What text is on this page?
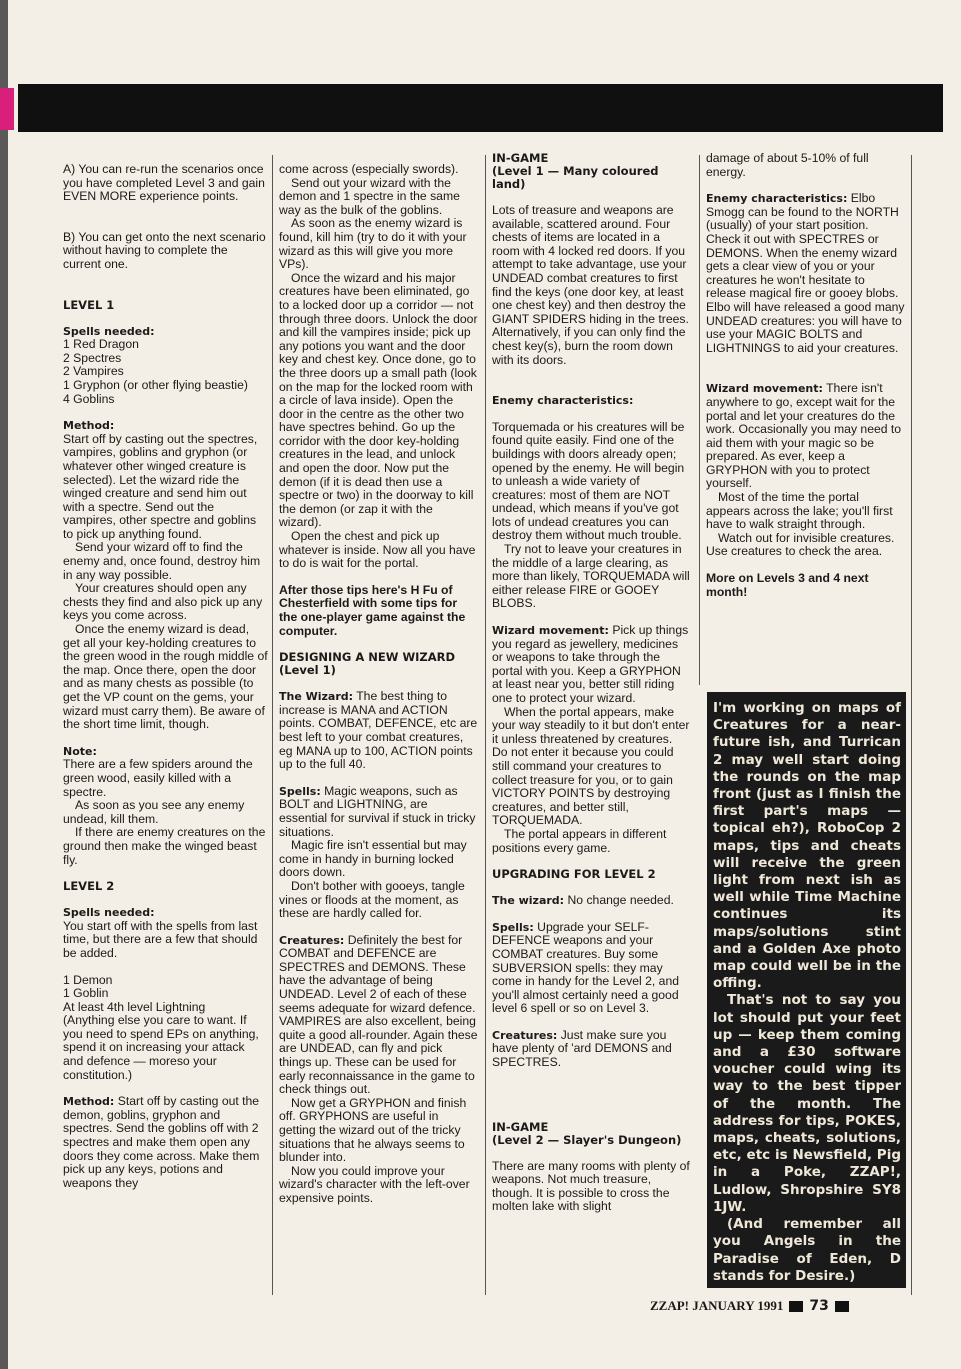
A) You can re-run the scenarios once you have completed Level 3 and gain EVEN MORE experience points.

B) You can get onto the next scenario without having to complete the current one.

LEVEL 1
Spells needed:
1 Red Dragon
2 Spectres
2 Vampires
1 Gryphon (or other flying beastie)
4 Goblins
Method:
Start off by casting out the spectres, vampires, goblins and gryphon (or whatever other winged creature is selected). Let the wizard ride the winged creature and send him out with a spectre. Send out the vampires, other spectre and goblins to pick up anything found.

Send your wizard off to find the enemy and, once found, destroy him in any way possible.

Your creatures should open any chests they find and also pick up any keys you come across.

Once the enemy wizard is dead, get all your key-holding creatures to the green wood in the rough middle of the map. Once there, open the door and as many chests as possible (to get the VP count on the gems, your wizard must carry them). Be aware of the short time limit, though.

Note:
There are a few spiders around the green wood, easily killed with a spectre.

As soon as you see any enemy undead, kill them.

If there are enemy creatures on the ground then make the winged beast fly.

LEVEL 2
Spells needed:
You start off with the spells from last time, but there are a few that should be added.
1 Demon
1 Goblin
At least 4th level Lightning
(Anything else you care to want. If you need to spend EPs on anything, spend it on increasing your attack and defence — moreso your constitution.)
Method: Start off by casting out the demon, goblins, gryphon and spectres. Send the goblins off with 2 spectres and make them open any doors they come across. Make them pick up any keys, potions and weapons they
come across (especially swords).

Send out your wizard with the demon and 1 spectre in the same way as the bulk of the goblins.

As soon as the enemy wizard is found, kill him (try to do it with your wizard as this will give you more VPs).

Once the wizard and his major creatures have been eliminated, go to a locked door up a corridor — not through three doors. Unlock the door and kill the vampires inside; pick up any potions you want and the door key and chest key. Once done, go to the three doors up a small path (look on the map for the locked room with a circle of lava inside). Open the door in the centre as the other two have spectres behind. Go up the corridor with the door key-holding creatures in the lead, and unlock and open the door. Now put the demon (if it is dead then use a spectre or two) in the doorway to kill the demon (or zap it with the wizard).

Open the chest and pick up whatever is inside. Now all you have to do is wait for the portal.

After those tips here's H Fu of Chesterfield with some tips for the one-player game against the computer.

DESIGNING A NEW WIZARD
(Level 1)

The Wizard: The best thing to increase is MANA and ACTION points. COMBAT, DEFENCE, etc are best left to your combat creatures, eg MANA up to 100, ACTION points up to the full 40.

Spells: Magic weapons, such as BOLT and LIGHTNING, are essential for survival if stuck in tricky situations.

Magic fire isn't essential but may come in handy in burning locked doors down.

Don't bother with gooeys, tangle vines or floods at the moment, as these are hardly called for.

Creatures: Definitely the best for COMBAT and DEFENCE are SPECTRES and DEMONS. These have the advantage of being UNDEAD. Level 2 of each of these seems adequate for wizard defence. VAMPIRES are also excellent, being quite a good all-rounder. Again these are UNDEAD, can fly and pick things up. These can be used for early reconnaissance in the game to check things out.

Now get a GRYPHON and finish off. GRYPHONS are useful in getting the wizard out of the tricky situations that he always seems to blunder into.

Now you could improve your wizard's character with the left-over expensive points.

IN-GAME
(Level 1 — Many coloured land)

Lots of treasure and weapons are available, scattered around. Four chests of items are located in a room with 4 locked red doors. If you attempt to take advantage, use your UNDEAD combat creatures to first find the keys (one door key, at least one chest key) and then destroy the GIANT SPIDERS hiding in the trees. Alternatively, if you can only find the chest key(s), burn the room down with its doors.

Enemy characteristics:
Torquemada or his creatures will be found quite easily. Find one of the buildings with doors already open; opened by the enemy. He will begin to unleash a wide variety of creatures: most of them are NOT undead, which means if you've got lots of undead creatures you can destroy them without much trouble.

Try not to leave your creatures in the middle of a large clearing, as more than likely, TORQUEMADA will either release FIRE or GOOEY BLOBS.

Wizard movement: Pick up things you regard as jewellery, medicines or weapons to take through the portal with you. Keep a GRYPHON at least near you, better still riding one to protect your wizard.

When the portal appears, make your way steadily to it but don't enter it unless threatened by creatures. Do not enter it because you could still command your creatures to collect treasure for you, or to gain VICTORY POINTS by destroying creatures, and better still, TORQUEMADA.

The portal appears in different positions every game.

UPGRADING FOR LEVEL 2

The wizard: No change needed.

Spells: Upgrade your SELF-DEFENCE weapons and your COMBAT creatures. Buy some SUBVERSION spells: they may come in handy for the Level 2, and you'll almost certainly need a good level 6 spell or so on Level 3.

Creatures: Just make sure you have plenty of 'ard DEMONS and SPECTRES.

IN-GAME
(Level 2 — Slayer's Dungeon)
There are many rooms with plenty of weapons. Not much treasure, though. It is possible to cross the molten lake with slight

damage of about 5-10% of full energy.

Enemy characteristics: Elbo Smogg can be found to the NORTH (usually) of your start position. Check it out with SPECTRES or DEMONS. When the enemy wizard gets a clear view of you or your creatures he won't hesitate to release magical fire or gooey blobs. Elbo will have released a good many UNDEAD creatures: you will have to use your MAGIC BOLTS and LIGHTNINGS to aid your creatures.

Wizard movement: There isn't anywhere to go, except wait for the portal and let your creatures do the work. Occasionally you may need to aid them with your magic so be prepared. As ever, keep a GRYPHON with you to protect yourself.

Most of the time the portal appears across the lake; you'll first have to walk straight through.

Watch out for invisible creatures. Use creatures to check the area.

More on Levels 3 and 4 next month!

I'm working on maps of Creatures for a near-future ish, and Turrican 2 may well start doing the rounds on the map front (just as I finish the first part's maps — topical eh?), RoboCop 2 maps, tips and cheats will receive the green light from next ish as well while Time Machine continues its maps/solutions stint and a Golden Axe photo map could well be in the offing.

That's not to say you lot should put your feet up — keep them coming and a £30 software voucher could wing its way to the best tipper of the month. The address for tips, POKES, maps, cheats, solutions, etc, etc is Newsfield, Pig in a Poke, ZZAP!, Ludlow, Shropshire SY8 1JW.

(And remember all you Angels in the Paradise of Eden, D stands for Desire.)

ZZAP! JANUARY 1991 73
